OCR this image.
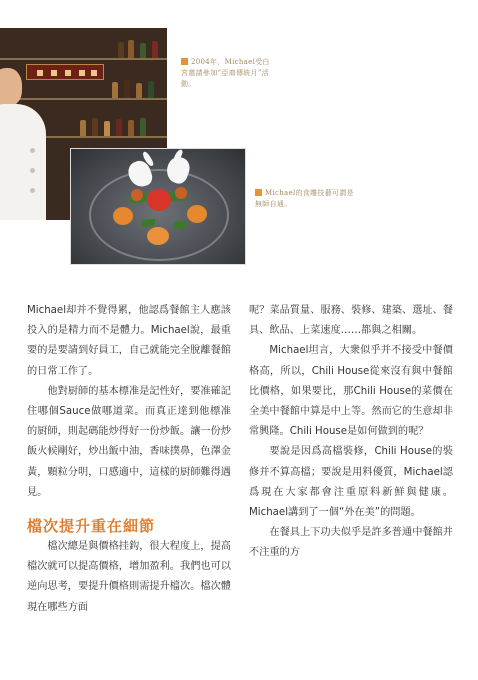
2004年，Michael受白宮邀請參加“亞裔傳統月”活動。
Michael的食雕技藝可謂是無師自通。

Michael却并不覺得累，他認爲餐館主人應該投入的是精力而不是體力。Michael說，最重要的是要請到好員工，自己就能完全脫離餐館的日常工作了。

他對厨師的基本標准是記性好，要准確記住哪個Sauce做哪道菜。而真正達到他標准的厨師，則起碼能炒得好一份炒飯。讓一份炒飯火候剛好，炒出飯中油，香味撲鼻，色澤金黃，顆粒分明，口感適中，這樣的厨師難得遇見。

檔次提升重在細節

檔次總是與價格挂鈎，很大程度上，提高檔次就可以提高價格，增加盈利。我們也可以逆向思考，要提升價格則需提升檔次。檔次體現在哪些方面

呢？菜品質量、服務、裝修、建築、選址、餐具、飲品、上菜速度……都與之相關。

Michael坦言，大衆似乎并不接受中餐價格高，所以，Chili House從來沒有與中餐館比價格，如果要比，那Chili House的菜價在全美中餐館中算是中上等。然而它的生意却非常興隆。Chili House是如何做到的呢？

要說是因爲高檔裝修，Chili House的裝修并不算高檔；要說是用料優質，Michael認爲現在大家都會注重原料新鮮與健康。Michael講到了一個“外在美”的問題。

在餐具上下功夫似乎是許多普通中餐館并不注重的方
